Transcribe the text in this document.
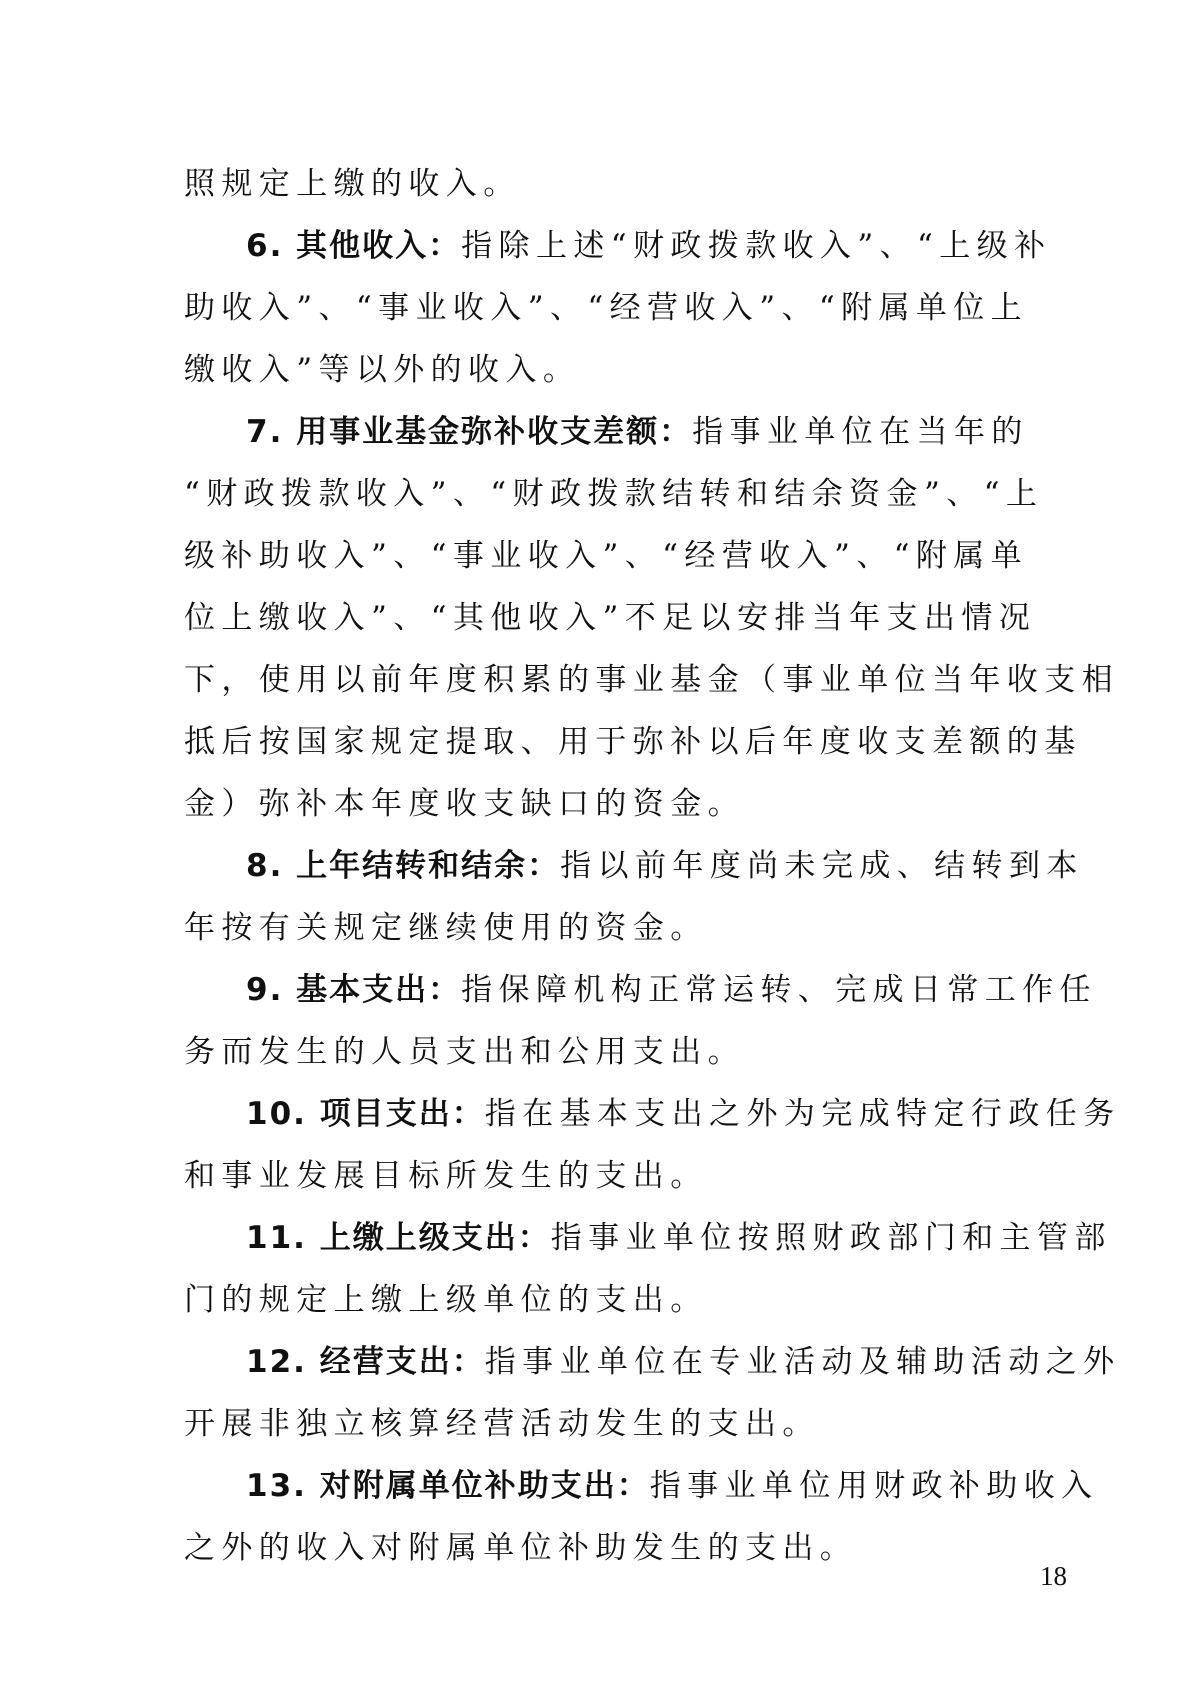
照规定上缴的收入。
6. 其他收入：指除上述“财政拨款收入”、“上级补
助收入”、“事业收入”、“经营收入”、“附属单位上
缴收入”等以外的收入。
7. 用事业基金弥补收支差额：指事业单位在当年的
“财政拨款收入”、“财政拨款结转和结余资金”、“上
级补助收入”、“事业收入”、“经营收入”、“附属单
位上缴收入”、“其他收入”不足以安排当年支出情况
下，使用以前年度积累的事业基金（事业单位当年收支相
抵后按国家规定提取、用于弥补以后年度收支差额的基
金）弥补本年度收支缺口的资金。
8. 上年结转和结余：指以前年度尚未完成、结转到本
年按有关规定继续使用的资金。
9. 基本支出：指保障机构正常运转、完成日常工作任
务而发生的人员支出和公用支出。
10. 项目支出：指在基本支出之外为完成特定行政任务
和事业发展目标所发生的支出。
11. 上缴上级支出：指事业单位按照财政部门和主管部
门的规定上缴上级单位的支出。
12. 经营支出：指事业单位在专业活动及辅助活动之外
开展非独立核算经营活动发生的支出。
13. 对附属单位补助支出：指事业单位用财政补助收入
之外的收入对附属单位补助发生的支出。
18
